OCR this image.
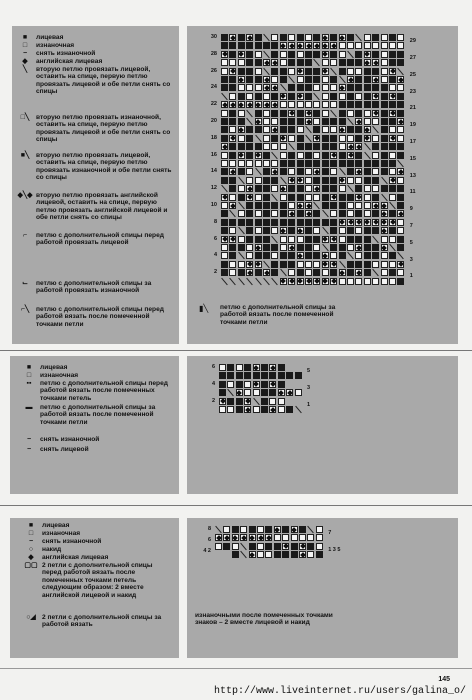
■	лицевая
□	изнаночная
−	снять изнаночной
◆	английская лицевая
╲	вторую петлю провязать лицевой, оставить на спице, первую петлю провязать лицевой и обе петли снять со спицы
□╲	вторую петлю провязать изнаночной, оставить на спице, первую петлю провязать лицевой и обе петли снять со спицы
■╲	вторую петлю провязать лицевой, оставить на спице, первую петлю провязать изнаночной и обе петли снять со спицы
◆╲◆ вторую петлю провязать английской лицевой, оставить на спице, первую петлю провязать английской лицевой и обе петли снять со спицы
⌐	петлю с дополнительной спицы перед работой провязать лицевой
⌙	петлю с дополнительной спицы за работой провязать изнаночной
⌐╲	петлю с дополнительной спицы перед работой вязать после помеченной точками петли
30
28
26
24
22
20
18
16
14
12
10
8
6
4
2
29
27
25
23
21
19
17
15
13
11
9
7
5
3
1
▮╲ петлю с дополнительной спицы за работой вязать после помеченной точками петли
■	лицевая
□	изнаночная
▪▪	петлю с дополнительной спицы перед работой вязать после помеченных точками петель
▬	петлю с дополнительной спицы за работой вязать после помеченной точками петли
−	снять изнаночной
−	снять лицевой
6
4
2
5
3
1
■	лицевая
□	изнаночная
−	снять изнаночной
○	накид
◆	английская лицевая
▢▢ 2 петли с дополнительной спицы перед работой вязать после помеченных точками петель следующим образом: 2 вместе английской лицевой и накид
○◢ 2 петли с дополнительной спицы за работой вязать
8
6
4 2
7
1 3 5
изнаночными после помеченных точками знаков – 2 вместе лицевой и накид
145
http://www.liveinternet.ru/users/galina_o/
